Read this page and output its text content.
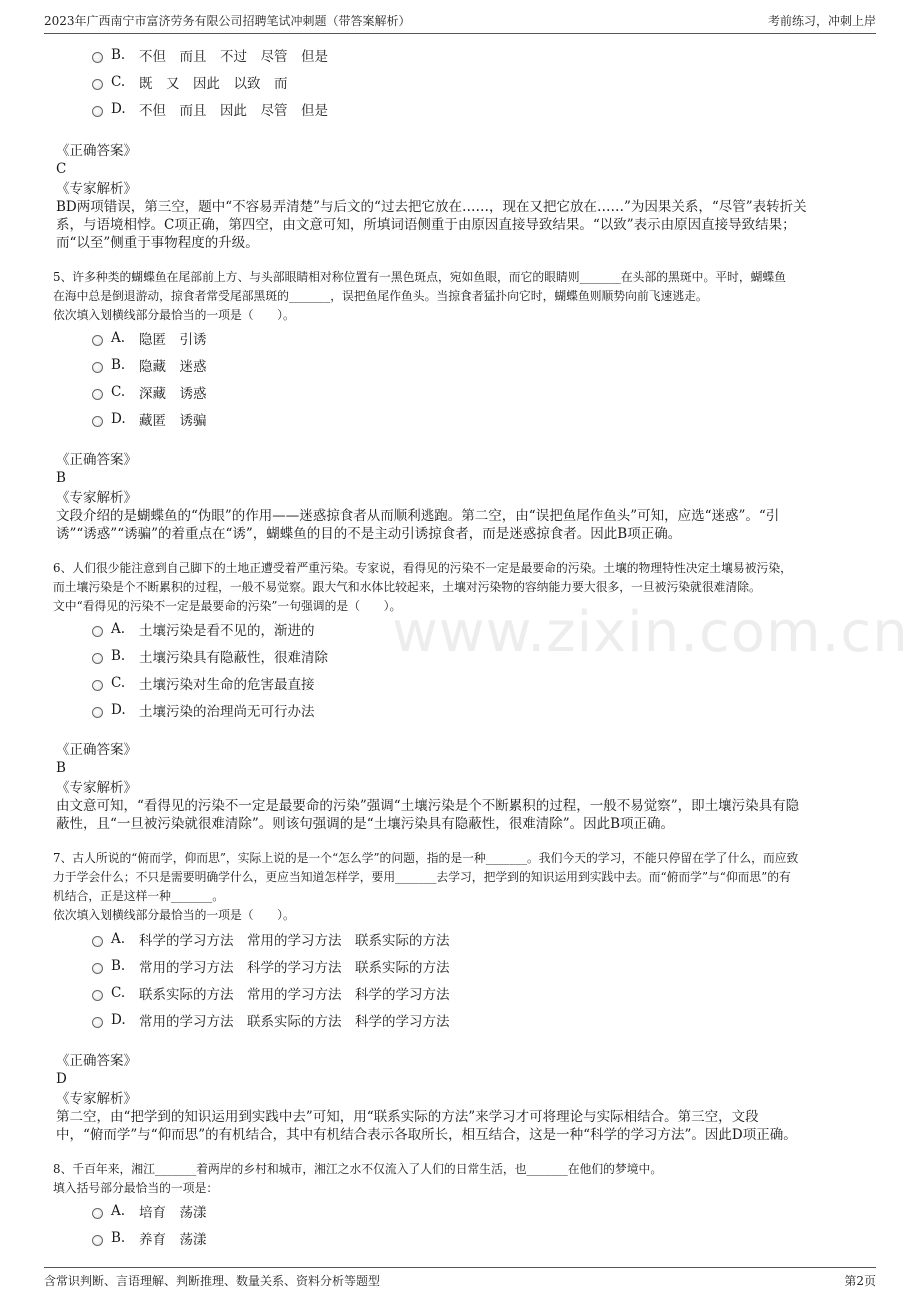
2023年广西南宁市富济劳务有限公司招聘笔试冲刺题（带答案解析）	考前练习，冲刺上岸
www.zixin.com.cn
B.	不但　而且　不过　尽管　但是
C.	既　又　因此　以致　而
D. 不但　而且　因此　尽管　但是
《正确答案》
C
《专家解析》
BD两项错误，第三空，题中“不容易弄清楚”与后文的“过去把它放在……，现在又把它放在……”为因果关系，“尽管”表转折关
系，与语境相悖。C项正确，第四空，由文意可知，所填词语侧重于由原因直接导致结果。“以致”表示由原因直接导致结果；
而“以至”侧重于事物程度的升级。
5、许多种类的蝴蝶鱼在尾部前上方、与头部眼睛相对称位置有一黑色斑点，宛如鱼眼，而它的眼睛则_______在头部的黑斑中。平时，蝴蝶鱼
在海中总是倒退游动，掠食者常受尾部黑斑的_______，误把鱼尾作鱼头。当掠食者猛扑向它时，蝴蝶鱼则顺势向前飞速逃走。
依次填入划横线部分最恰当的一项是（　　）。
A.	隐匿　引诱
B.	隐藏　迷惑
C.	深藏　诱惑
D. 藏匿　诱骗
《正确答案》
B
《专家解析》
文段介绍的是蝴蝶鱼的“伪眼”的作用——迷惑掠食者从而顺利逃跑。第二空，由“误把鱼尾作鱼头”可知，应选“迷惑”。“引
诱”“诱惑”“诱骗”的着重点在“诱”，蝴蝶鱼的目的不是主动引诱掠食者，而是迷惑掠食者。因此B项正确。
6、人们很少能注意到自己脚下的土地正遭受着严重污染。专家说，看得见的污染不一定是最要命的污染。土壤的物理特性决定土壤易被污染，
而土壤污染是个不断累积的过程，一般不易觉察。跟大气和水体比较起来，土壤对污染物的容纳能力要大很多，一旦被污染就很难清除。
文中“看得见的污染不一定是最要命的污染”一句强调的是（　　）。
A.	土壤污染是看不见的，渐进的
B.	土壤污染具有隐蔽性，很难清除
C.	土壤污染对生命的危害最直接
D. 土壤污染的治理尚无可行办法
《正确答案》
B
《专家解析》
由文意可知，“看得见的污染不一定是最要命的污染”强调“土壤污染是个不断累积的过程，一般不易觉察”，即土壤污染具有隐
蔽性，且“一旦被污染就很难清除”。则该句强调的是“土壤污染具有隐蔽性，很难清除”。因此B项正确。
7、古人所说的“俯而学，仰而思”，实际上说的是一个“怎么学”的问题，指的是一种_______。我们今天的学习，不能只停留在学了什么，而应致
力于学会什么；不只是需要明确学什么，更应当知道怎样学，要用_______去学习，把学到的知识运用到实践中去。而“俯而学”与“仰而思”的有
机结合，正是这样一种_______。
依次填入划横线部分最恰当的一项是（　　）。
A.	科学的学习方法　常用的学习方法　联系实际的方法
B.	常用的学习方法　科学的学习方法　联系实际的方法
C.	联系实际的方法　常用的学习方法　科学的学习方法
D. 常用的学习方法　联系实际的方法　科学的学习方法
《正确答案》
D
《专家解析》
第二空，由“把学到的知识运用到实践中去”可知，用“联系实际的方法”来学习才可将理论与实际相结合。第三空，文段
中，“俯而学”与“仰而思”的有机结合，其中有机结合表示各取所长，相互结合，这是一种“科学的学习方法”。因此D项正确。
8、千百年来，湘江_______着两岸的乡村和城市，湘江之水不仅流入了人们的日常生活，也_______在他们的梦境中。
填入括号部分最恰当的一项是：
A.	培育　荡漾
B.	养育　荡漾
含常识判断、言语理解、判断推理、数量关系、资料分析等题型	第2页
